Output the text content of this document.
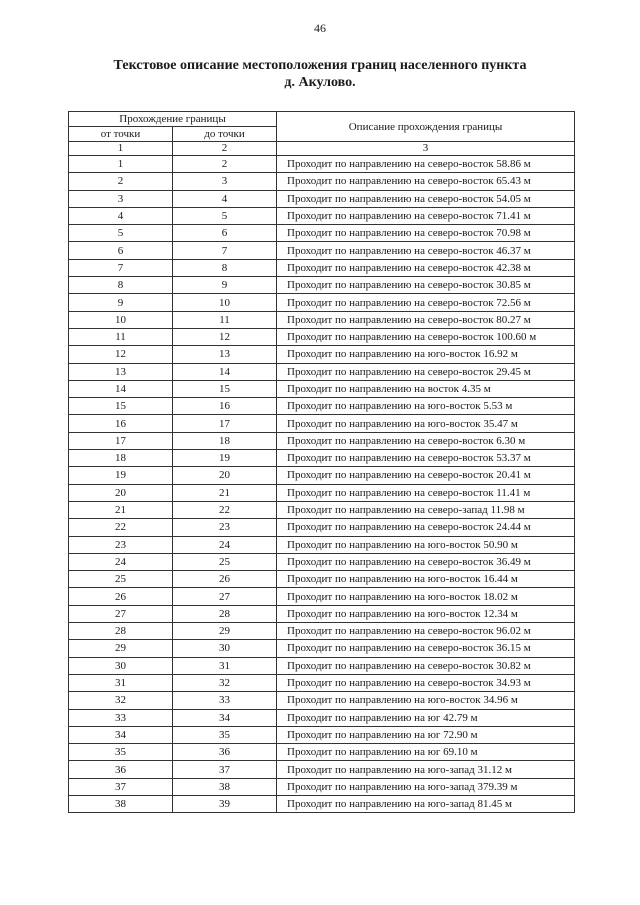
46
Текстовое описание местоположения границ населенного пункта
д. Акулово.
Прохождение границы		Описание прохождения границы
от точки	до точки	
1	2	3
1	2	Проходит по направлению на северо-восток 58.86 м
2	3	Проходит по направлению на северо-восток 65.43 м
3	4	Проходит по направлению на северо-восток 54.05 м
4	5	Проходит по направлению на северо-восток 71.41 м
5	6	Проходит по направлению на северо-восток 70.98 м
6	7	Проходит по направлению на северо-восток 46.37 м
7	8	Проходит по направлению на северо-восток 42.38 м
8	9	Проходит по направлению на северо-восток 30.85 м
9	10	Проходит по направлению на северо-восток 72.56 м
10	11	Проходит по направлению на северо-восток 80.27 м
11	12	Проходит по направлению на северо-восток 100.60 м
12	13	Проходит по направлению на юго-восток 16.92 м
13	14	Проходит по направлению на северо-восток 29.45 м
14	15	Проходит по направлению на восток 4.35 м
15	16	Проходит по направлению на юго-восток 5.53 м
16	17	Проходит по направлению на юго-восток 35.47 м
17	18	Проходит по направлению на северо-восток 6.30 м
18	19	Проходит по направлению на северо-восток 53.37 м
19	20	Проходит по направлению на северо-восток 20.41 м
20	21	Проходит по направлению на северо-восток 11.41 м
21	22	Проходит по направлению на северо-запад 11.98 м
22	23	Проходит по направлению на северо-восток 24.44 м
23	24	Проходит по направлению на юго-восток 50.90 м
24	25	Проходит по направлению на северо-восток 36.49 м
25	26	Проходит по направлению на юго-восток 16.44 м
26	27	Проходит по направлению на юго-восток 18.02 м
27	28	Проходит по направлению на юго-восток 12.34 м
28	29	Проходит по направлению на северо-восток 96.02 м
29	30	Проходит по направлению на северо-восток 36.15 м
30	31	Проходит по направлению на северо-восток 30.82 м
31	32	Проходит по направлению на северо-восток 34.93 м
32	33	Проходит по направлению на юго-восток 34.96 м
33	34	Проходит по направлению на юг 42.79 м
34	35	Проходит по направлению на юг 72.90 м
35	36	Проходит по направлению на юг 69.10 м
36	37	Проходит по направлению на юго-запад 31.12 м
37	38	Проходит по направлению на юго-запад 379.39 м
38	39	Проходит по направлению на юго-запад 81.45 м
